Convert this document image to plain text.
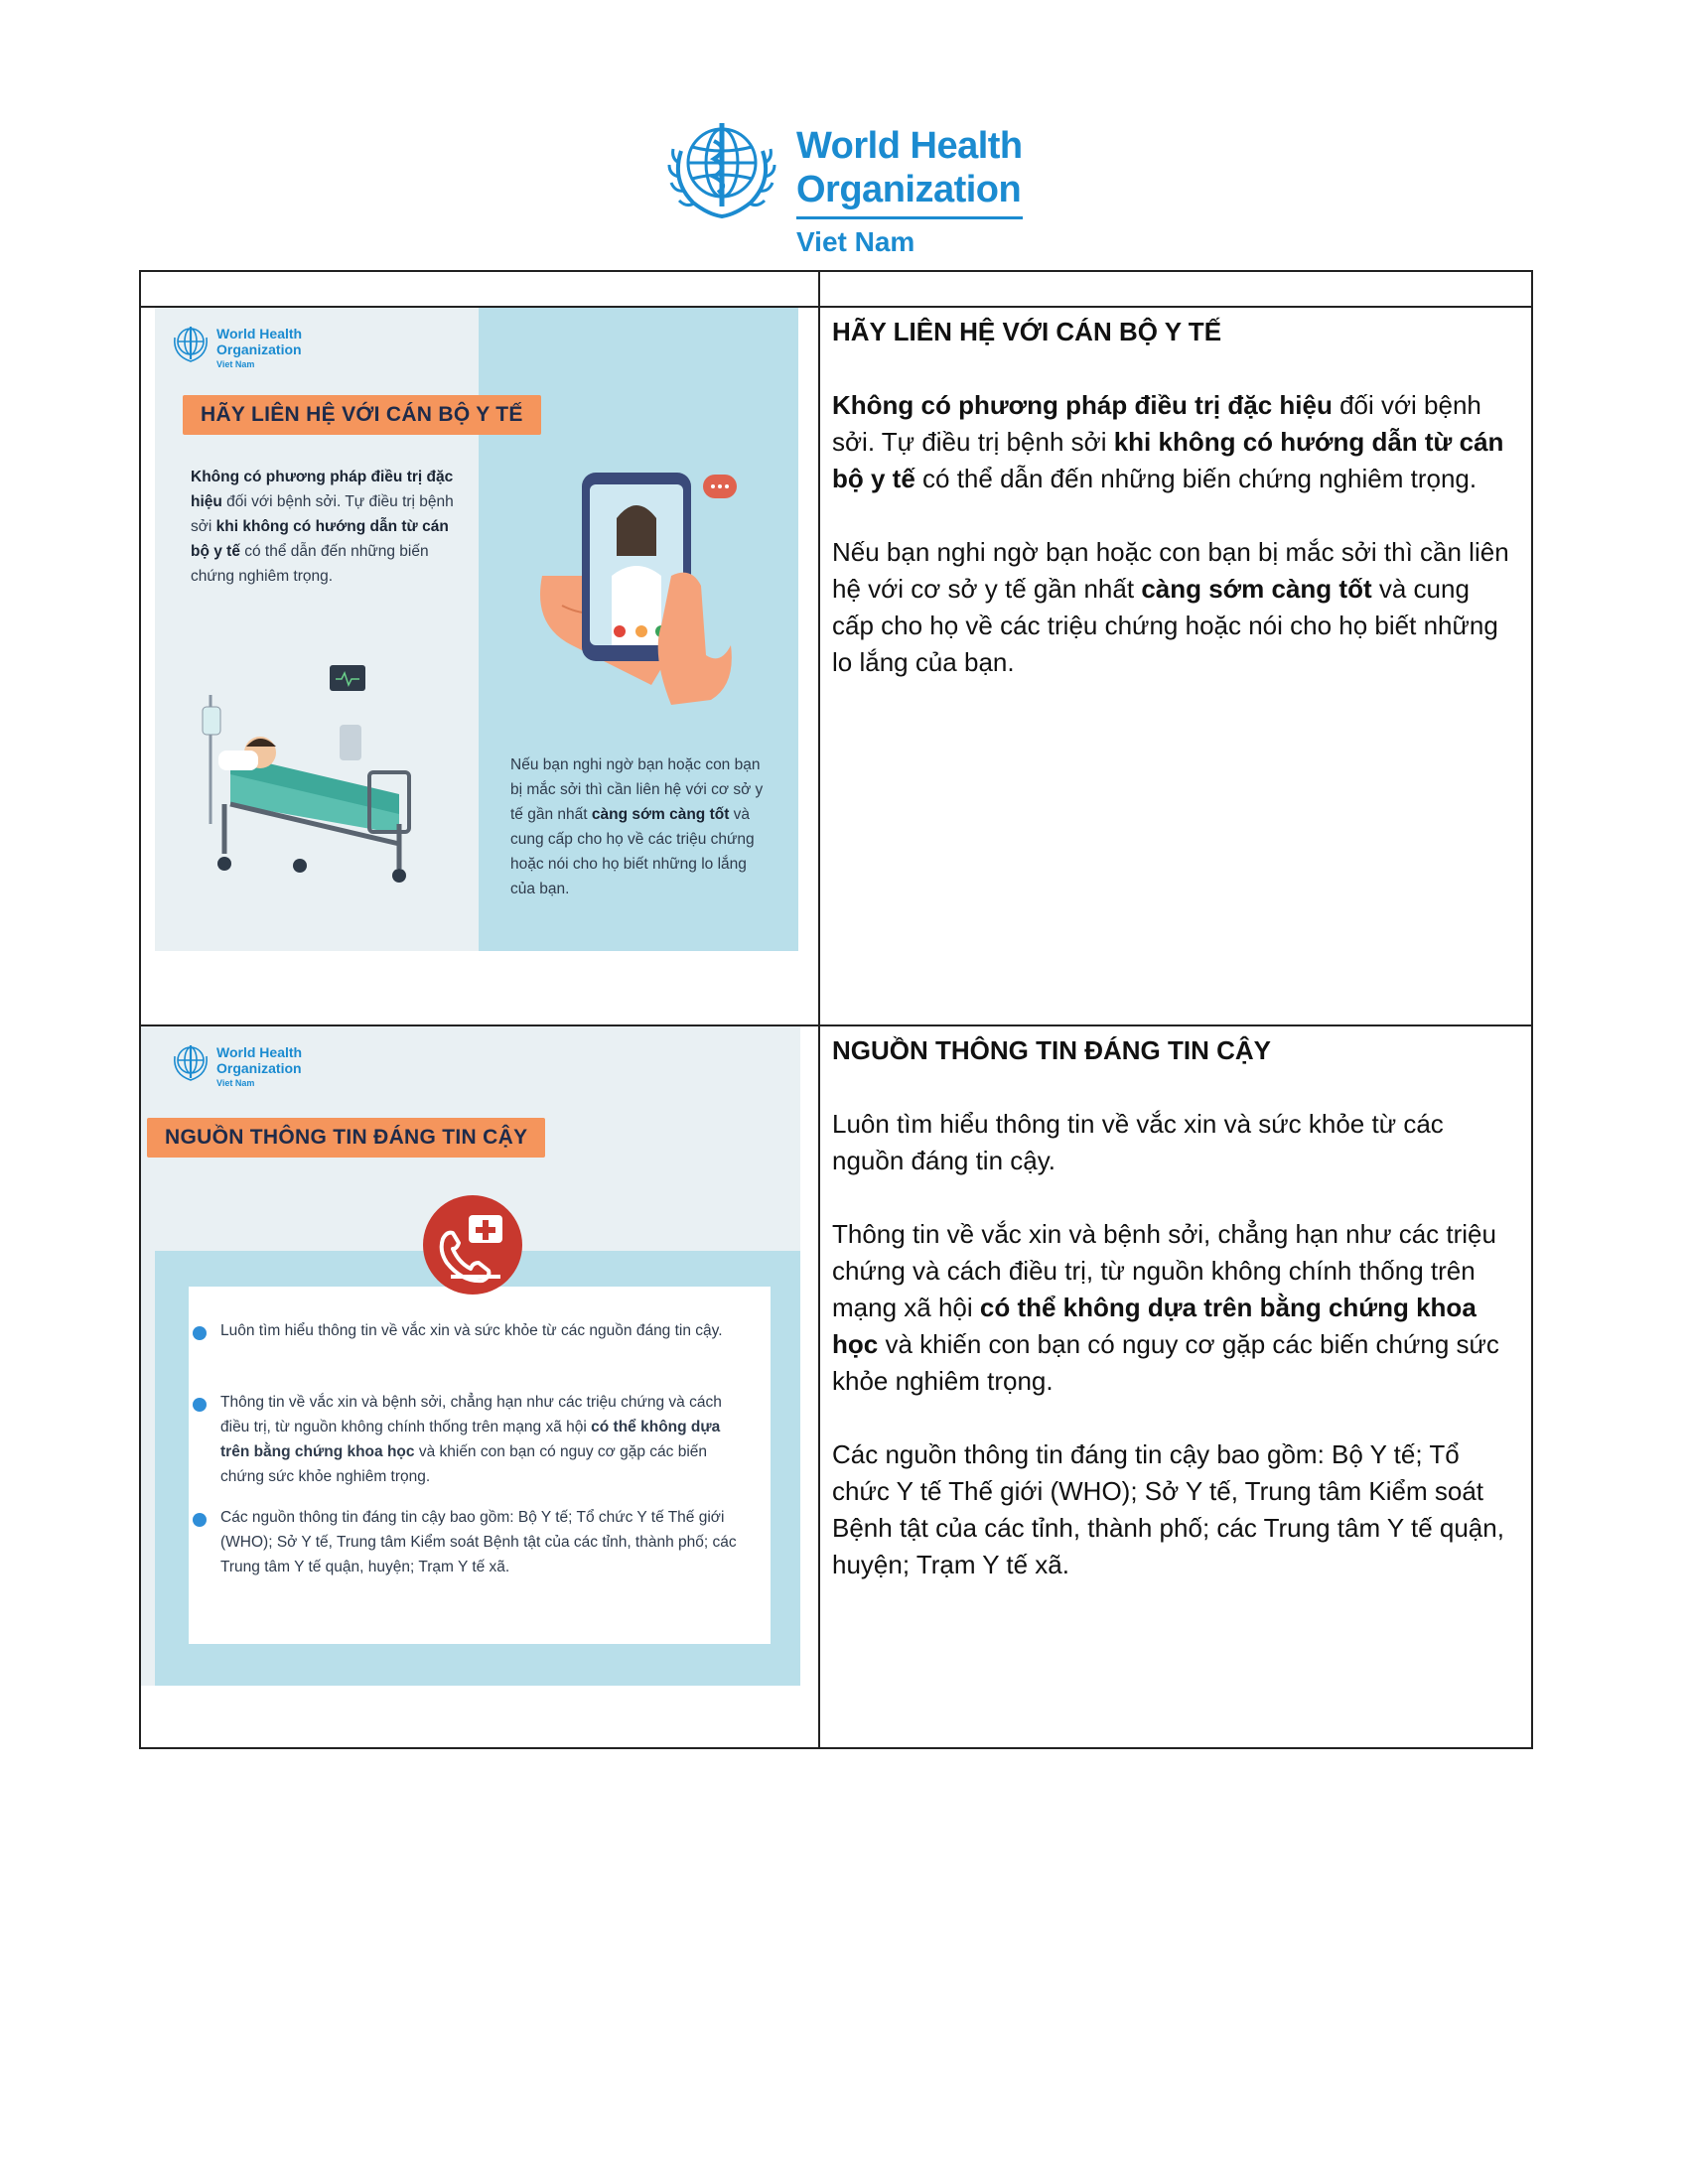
World Health
Organization
Viet Nam
World Health
Organization
Viet Nam
HÃY LIÊN HỆ VỚI CÁN BỘ Y TẾ
Không có phương pháp điều trị đặc hiệu đối với bệnh sởi. Tự điều trị bệnh sởi khi không có hướng dẫn từ cán bộ y tế có thể dẫn đến những biến chứng nghiêm trọng.
Nếu bạn nghi ngờ bạn hoặc con bạn bị mắc sởi thì cần liên hệ với cơ sở y tế gần nhất càng sớm càng tốt và cung cấp cho họ về các triệu chứng hoặc nói cho họ biết những lo lắng của bạn.
HÃY LIÊN HỆ VỚI CÁN BỘ Y TẾ

Không có phương pháp điều trị đặc hiệu đối với bệnh sởi. Tự điều trị bệnh sởi khi không có hướng dẫn từ cán bộ y tế có thể dẫn đến những biến chứng nghiêm trọng.

Nếu bạn nghi ngờ bạn hoặc con bạn bị mắc sởi thì cần liên hệ với cơ sở y tế gần nhất càng sớm càng tốt và cung cấp cho họ về các triệu chứng hoặc nói cho họ biết những lo lắng của bạn.

World Health
Organization
Viet Nam
NGUỒN THÔNG TIN ĐÁNG TIN CẬY
Luôn tìm hiểu thông tin về vắc xin và sức khỏe từ các nguồn đáng tin cậy.
Thông tin về vắc xin và bệnh sởi, chẳng hạn như các triệu chứng và cách điều trị, từ nguồn không chính thống trên mạng xã hội có thể không dựa trên bằng chứng khoa học và khiến con bạn có nguy cơ gặp các biến chứng sức khỏe nghiêm trọng.
Các nguồn thông tin đáng tin cậy bao gồm: Bộ Y tế; Tổ chức Y tế Thế giới (WHO); Sở Y tế, Trung tâm Kiểm soát Bệnh tật của các tỉnh, thành phố; các Trung tâm Y tế quận, huyện; Trạm Y tế xã.
NGUỒN THÔNG TIN ĐÁNG TIN CẬY

Luôn tìm hiểu thông tin về vắc xin và sức khỏe từ các nguồn đáng tin cậy.

Thông tin về vắc xin và bệnh sởi, chẳng hạn như các triệu chứng và cách điều trị, từ nguồn không chính thống trên mạng xã hội có thể không dựa trên bằng chứng khoa học và khiến con bạn có nguy cơ gặp các biến chứng sức khỏe nghiêm trọng.

Các nguồn thông tin đáng tin cậy bao gồm: Bộ Y tế; Tổ chức Y tế Thế giới (WHO); Sở Y tế, Trung tâm Kiểm soát Bệnh tật của các tỉnh, thành phố; các Trung tâm Y tế quận, huyện; Trạm Y tế xã.
